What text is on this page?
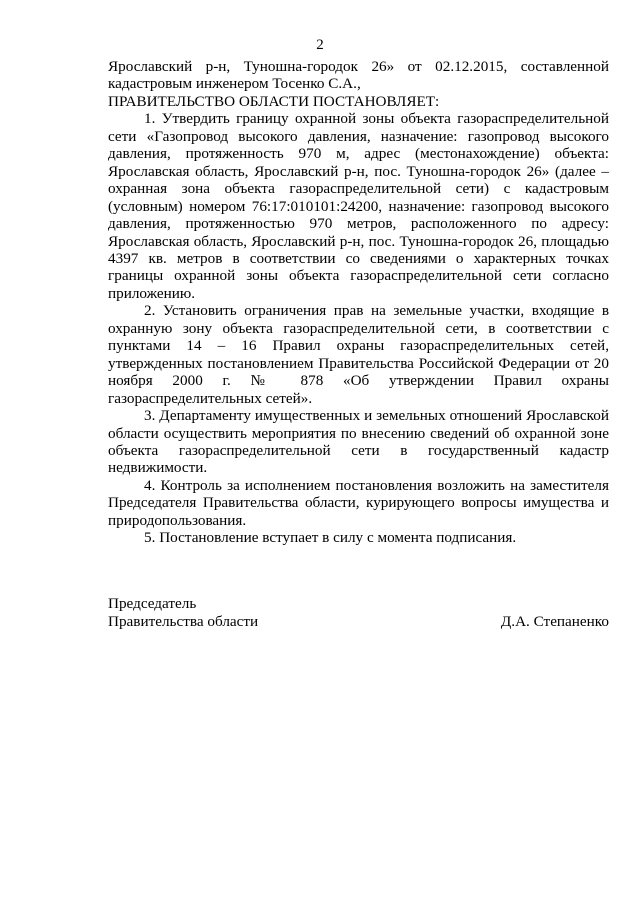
2

Ярославский р-н, Туношна-городок 26» от 02.12.2015, составленной кадастровым инженером Тосенко С.А.,

ПРАВИТЕЛЬСТВО ОБЛАСТИ ПОСТАНОВЛЯЕТ:

1. Утвердить границу охранной зоны объекта газораспределительной сети «Газопровод высокого давления, назначение: газопровод высокого давления, протяженность 970 м, адрес (местонахождение) объекта: Ярославская область, Ярославский р-н, пос. Туношна-городок 26» (далее – охранная зона объекта газораспределительной сети) с кадастровым (условным) номером 76:17:010101:24200, назначение: газопровод высокого давления, протяженностью 970 метров, расположенного по адресу: Ярославская область, Ярославский р-н, пос. Туношна-городок 26, площадью 4397 кв. метров в соответствии со сведениями о характерных точках границы охранной зоны объекта газораспределительной сети согласно приложению.

2. Установить ограничения прав на земельные участки, входящие в охранную зону объекта газораспределительной сети, в соответствии с пунктами 14 – 16 Правил охраны газораспределительных сетей, утвержденных постановлением Правительства Российской Федерации от 20 ноября 2000 г. № 878 «Об утверждении Правил охраны газораспределительных сетей».

3. Департаменту имущественных и земельных отношений Ярославской области осуществить мероприятия по внесению сведений об охранной зоне объекта газораспределительной сети в государственный кадастр недвижимости.

4. Контроль за исполнением постановления возложить на заместителя Председателя Правительства области, курирующего вопросы имущества и природопользования.

5. Постановление вступает в силу с момента подписания.

Председатель
Правительства области	Д.А. Степаненко
